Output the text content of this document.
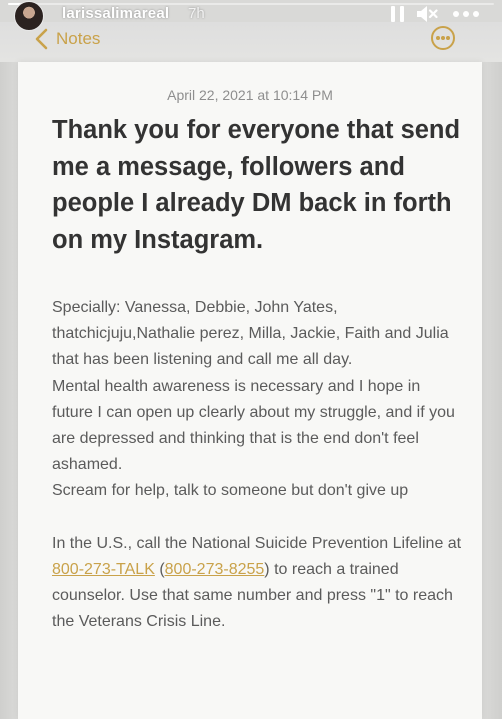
Notes
April 22, 2021 at 10:14 PM
Thank you for everyone that send me a message, followers and people I already DM back in forth on my Instagram.

Specially: Vanessa, Debbie, John Yates, thatchicjuju,Nathalie perez, Milla, Jackie, Faith and Julia that has been listening and call me all day.

Mental health awareness is necessary and I hope in future I can open up clearly about my struggle, and if you are depressed and thinking that is the end don't feel ashamed.

Scream for help, talk to someone but don't give up

In the U.S., call the National Suicide Prevention Lifeline at 800-273-TALK (800-273-8255) to reach a trained counselor. Use that same number and press "1" to reach the Veterans Crisis Line.

larissalimareal 7h
